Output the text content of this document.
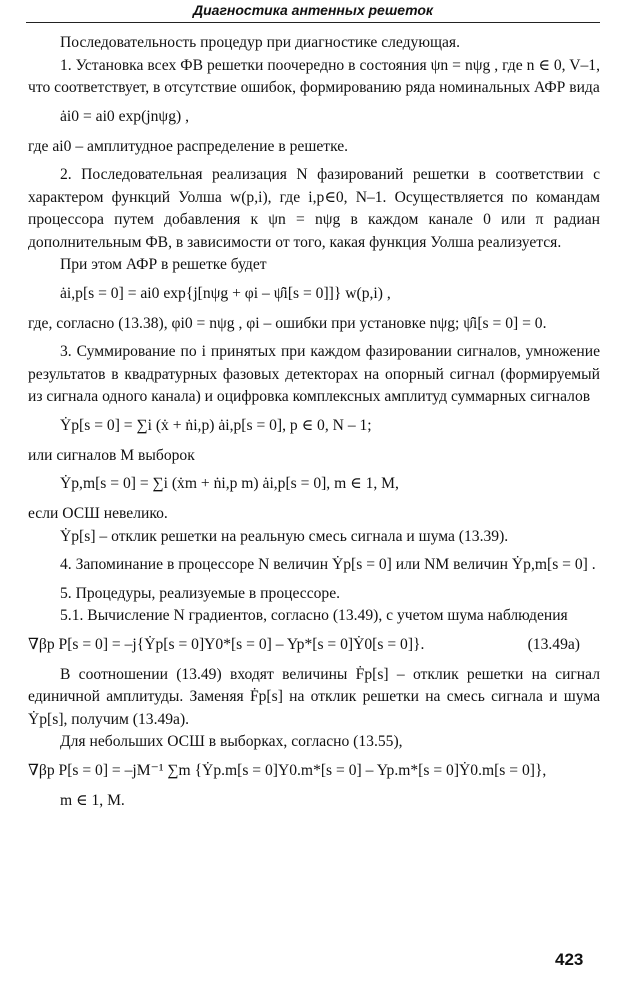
Диагностика антенных решеток

Последовательность процедур при диагностике следующая.

1. Установка всех ФВ решетки поочередно в состояния ψn = nψg , где n ∈ 0, V–1, что соответствует, в отсутствие ошибок, формированию ряда номинальных АФР вида

ȧi0 = ai0 exp(jnψg) ,

где ai0 – амплитудное распределение в решетке.

2. Последовательная реализация N фазирований решетки в соответствии с характером функций Уолша w(p,i), где i,p∈0, N–1. Осуществляется по командам процессора путем добавления к ψn = nψg в каждом канале 0 или π радиан дополнительным ФВ, в зависимости от того, какая функция Уолша реализуется.

При этом АФР в решетке будет

ȧi,p[s = 0] = ai0 exp{j[nψg + φi – ψ̂i[s = 0]]} w(p,i) ,

где, согласно (13.38), φi0 = nψg , φi – ошибки при установке nψg; ψ̂i[s = 0] = 0.

3. Суммирование по i принятых при каждом фазировании сигналов, умножение результатов в квадратурных фазовых детекторах на опорный сигнал (формируемый из сигнала одного канала) и оцифровка комплексных амплитуд суммарных сигналов

Ẏp[s = 0] = ∑i (ẋ + ṅi,p) ȧi,p[s = 0], p ∈ 0, N – 1;

или сигналов M выборок

Ẏp,m[s = 0] = ∑i (ẋm + ṅi,p m) ȧi,p[s = 0], m ∈ 1, M,

если ОСШ невелико.

Ẏp[s] – отклик решетки на реальную смесь сигнала и шума (13.39).

4. Запоминание в процессоре N величин Ẏp[s = 0] или NM величин Ẏp,m[s = 0] .

5. Процедуры, реализуемые в процессоре.

5.1. Вычисление N градиентов, согласно (13.49), с учетом шума наблюдения

∇βp P[s = 0] = –j{Ẏp[s = 0]Y0*[s = 0] – Yp*[s = 0]Ẏ0[s = 0]}.	(13.49a)

В соотношении (13.49) входят величины Ḟp[s] – отклик решетки на сигнал единичной амплитуды. Заменяя Ḟp[s] на отклик решетки на смесь сигнала и шума Ẏp[s], получим (13.49a).

Для небольших ОСШ в выборках, согласно (13.55),

∇βp P[s = 0] = –jM⁻¹ ∑m {Ẏp.m[s = 0]Y0.m*[s = 0] – Yp.m*[s = 0]Ẏ0.m[s = 0]},
m ∈ 1, M.
423
